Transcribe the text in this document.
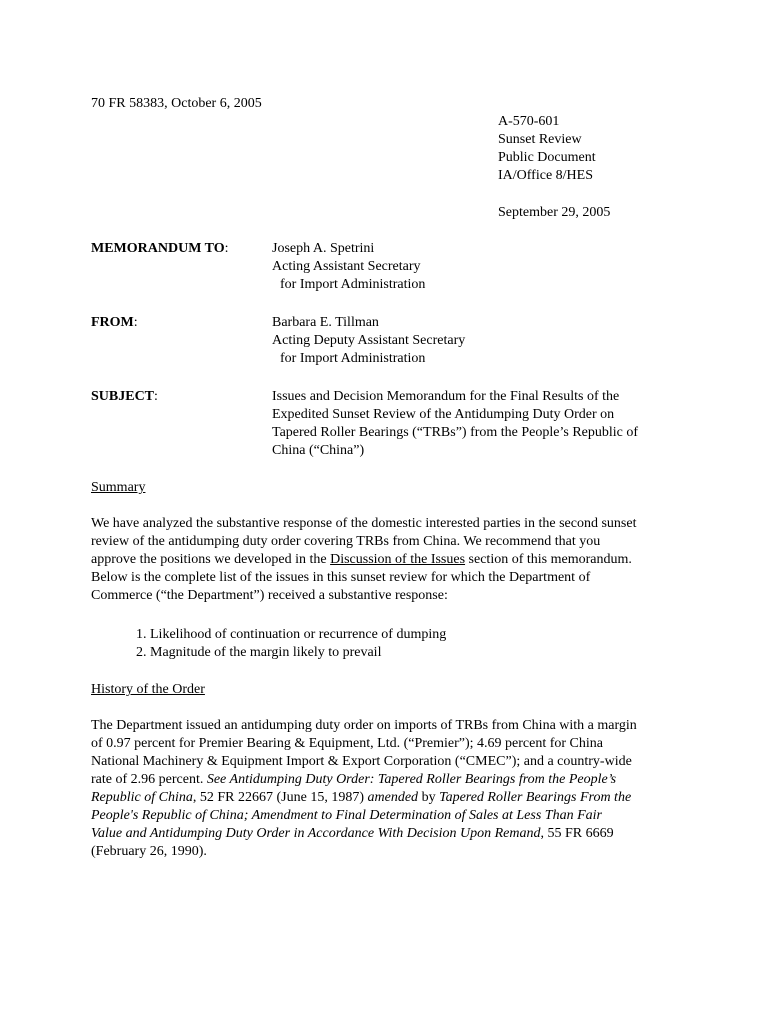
70 FR 58383, October 6, 2005
A-570-601
Sunset Review
Public Document
IA/Office 8/HES
September 29, 2005
MEMORANDUM TO:	Joseph A. Spetrini
Acting Assistant Secretary
for Import Administration
FROM:	Barbara E. Tillman
Acting Deputy Assistant Secretary
for Import Administration
SUBJECT:	Issues and Decision Memorandum for the Final Results of the
Expedited Sunset Review of the Antidumping Duty Order on
Tapered Roller Bearings (“TRBs”) from the People’s Republic of
China (“China”)
Summary
We have analyzed the substantive response of the domestic interested parties in the second sunset
review of the antidumping duty order covering TRBs from China. We recommend that you
approve the positions we developed in the Discussion of the Issues section of this memorandum.
Below is the complete list of the issues in this sunset review for which the Department of
Commerce (“the Department”) received a substantive response:
1. Likelihood of continuation or recurrence of dumping
2. Magnitude of the margin likely to prevail
History of the Order
The Department issued an antidumping duty order on imports of TRBs from China with a margin
of 0.97 percent for Premier Bearing & Equipment, Ltd. (“Premier”); 4.69 percent for China
National Machinery & Equipment Import & Export Corporation (“CMEC”); and a country-wide
rate of 2.96 percent. See Antidumping Duty Order: Tapered Roller Bearings from the People’s
Republic of China, 52 FR 22667 (June 15, 1987) amended by Tapered Roller Bearings From the
People's Republic of China; Amendment to Final Determination of Sales at Less Than Fair
Value and Antidumping Duty Order in Accordance With Decision Upon Remand, 55 FR 6669
(February 26, 1990).
